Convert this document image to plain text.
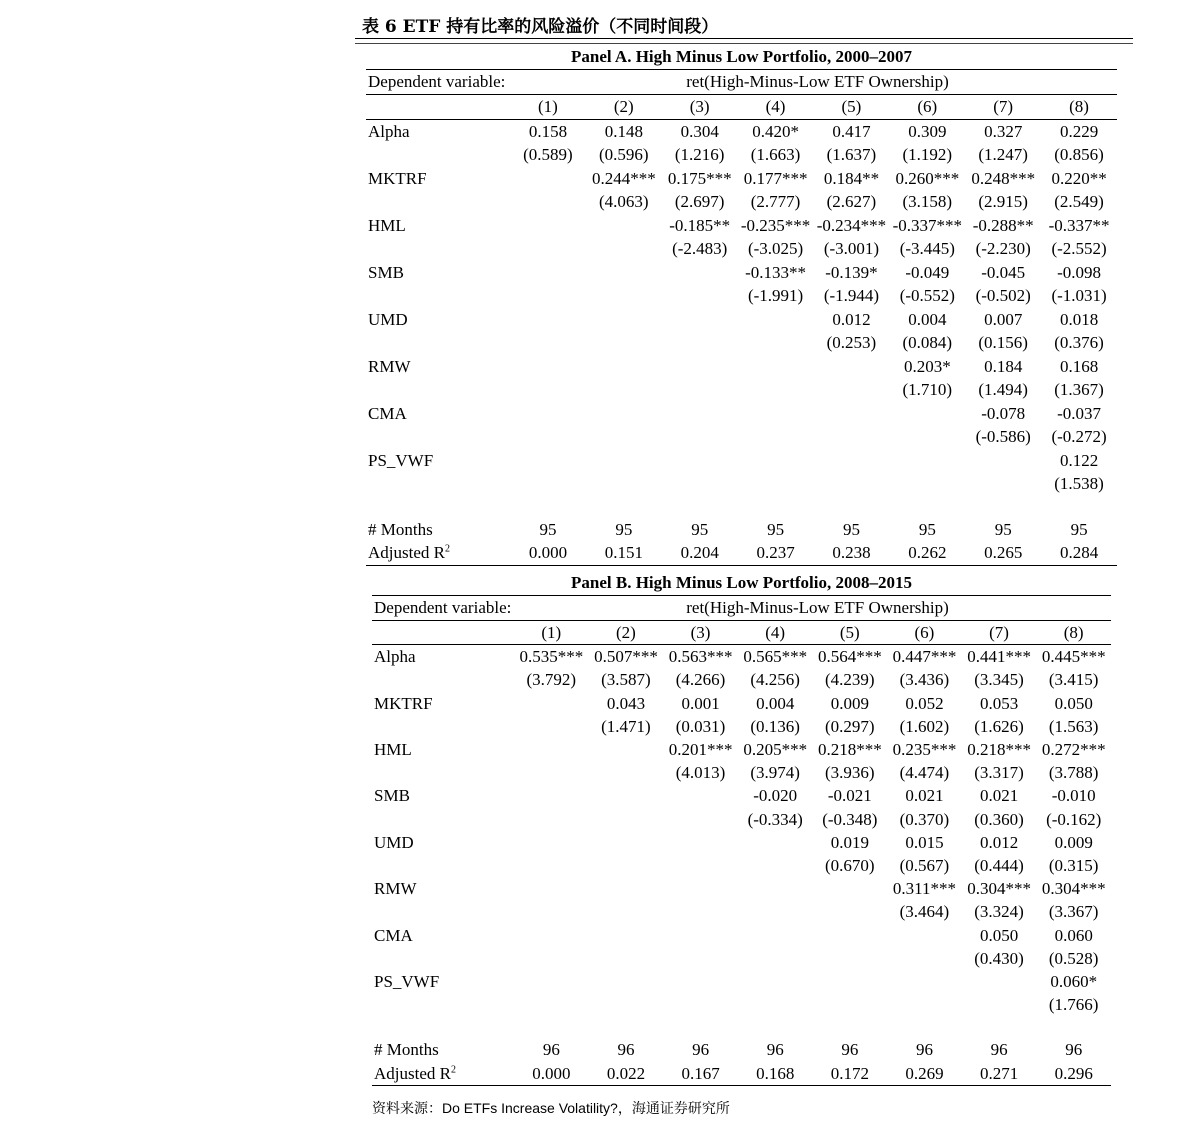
表 6 ETF 持有比率的风险溢价（不同时间段）
Panel A. High Minus Low Portfolio, 2000–2007
Dependent variable:	ret(High-Minus-Low ETF Ownership)
	(1)	(2)	(3)	(4)	(5)	(6)	(7)	(8)
Alpha	0.158	0.148	0.304	0.420*	0.417	0.309	0.327	0.229
	(0.589)	(0.596)	(1.216)	(1.663)	(1.637)	(1.192)	(1.247)	(0.856)
MKTRF		0.244***	0.175***	0.177***	0.184**	0.260***	0.248***	0.220**
		(4.063)	(2.697)	(2.777)	(2.627)	(3.158)	(2.915)	(2.549)
HML			-0.185**	-0.235***	-0.234***	-0.337***	-0.288**	-0.337**
			(-2.483)	(-3.025)	(-3.001)	(-3.445)	(-2.230)	(-2.552)
SMB				-0.133**	-0.139*	-0.049	-0.045	-0.098
				(-1.991)	(-1.944)	(-0.552)	(-0.502)	(-1.031)
UMD					0.012	0.004	0.007	0.018
					(0.253)	(0.084)	(0.156)	(0.376)
RMW						0.203*	0.184	0.168
						(1.710)	(1.494)	(1.367)
CMA							-0.078	-0.037
							(-0.586)	(-0.272)
PS_VWF								0.122
								(1.538)

# Months	95	95	95	95	95	95	95	95
Adjusted $R^2$	0.000	0.151	0.204	0.237	0.238	0.262	0.265	0.284
Panel B. High Minus Low Portfolio, 2008–2015
Dependent variable:	ret(High-Minus-Low ETF Ownership)
	(1)	(2)	(3)	(4)	(5)	(6)	(7)	(8)
Alpha	0.535***	0.507***	0.563***	0.565***	0.564***	0.447***	0.441***	0.445***
	(3.792)	(3.587)	(4.266)	(4.256)	(4.239)	(3.436)	(3.345)	(3.415)
MKTRF		0.043	0.001	0.004	0.009	0.052	0.053	0.050
		(1.471)	(0.031)	(0.136)	(0.297)	(1.602)	(1.626)	(1.563)
HML			0.201***	0.205***	0.218***	0.235***	0.218***	0.272***
			(4.013)	(3.974)	(3.936)	(4.474)	(3.317)	(3.788)
SMB				-0.020	-0.021	0.021	0.021	-0.010
				(-0.334)	(-0.348)	(0.370)	(0.360)	(-0.162)
UMD					0.019	0.015	0.012	0.009
					(0.670)	(0.567)	(0.444)	(0.315)
RMW						0.311***	0.304***	0.304***
						(3.464)	(3.324)	(3.367)
CMA							0.050	0.060
							(0.430)	(0.528)
PS_VWF								0.060*
								(1.766)

# Months	96	96	96	96	96	96	96	96
Adjusted $R^2$	0.000	0.022	0.167	0.168	0.172	0.269	0.271	0.296
资料来源：Do ETFs Increase Volatility?，海通证券研究所
